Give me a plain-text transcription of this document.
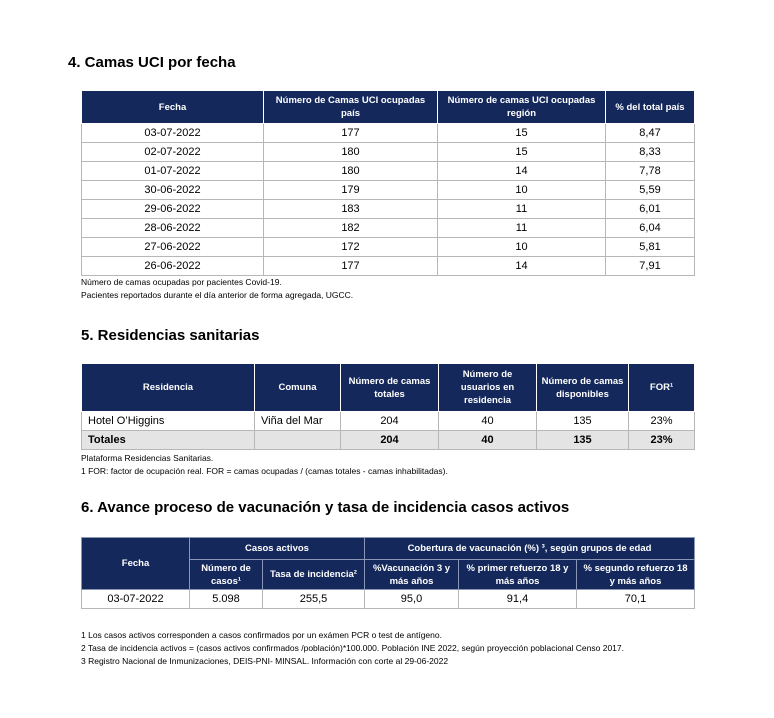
4. Camas UCI por fecha
Fecha	Número de Camas UCI ocupadas país	Número de camas UCI ocupadas región	% del total país
03-07-2022	177	15	8,47
02-07-2022	180	15	8,33
01-07-2022	180	14	7,78
30-06-2022	179	10	5,59
29-06-2022	183	11	6,01
28-06-2022	182	11	6,04
27-06-2022	172	10	5,81
26-06-2022	177	14	7,91
Número de camas ocupadas por pacientes Covid-19.
Pacientes reportados durante el día anterior de forma agregada, UGCC.
5. Residencias sanitarias
Residencia	Comuna	Número de camas totales	Número de usuarios en residencia	Número de camas disponibles	FOR¹
Hotel O’Higgins	Viña del Mar	204	40	135	23%
Totales		204	40	135	23%
Plataforma Residencias Sanitarias.
1 FOR: factor de ocupación real. FOR = camas ocupadas / (camas totales - camas inhabilitadas).
6. Avance proceso de vacunación y tasa de incidencia casos activos
Fecha	Casos activos		Cobertura de vacunación (%) ³, según grupos de edad		
	Número de casos¹	Tasa de incidencia²	%Vacunación 3 y más años	% primer refuerzo 18 y más años	% segundo refuerzo 18 y más años
03-07-2022	5.098	255,5	95,0	91,4	70,1
1 Los casos activos corresponden a casos confirmados por un exámen PCR o test de antígeno.
2 Tasa de incidencia activos = (casos activos confirmados /población)*100.000. Población INE 2022, según proyección poblacional Censo 2017.
3 Registro Nacional de Inmunizaciones, DEIS-PNI- MINSAL. Información con corte al 29-06-2022
